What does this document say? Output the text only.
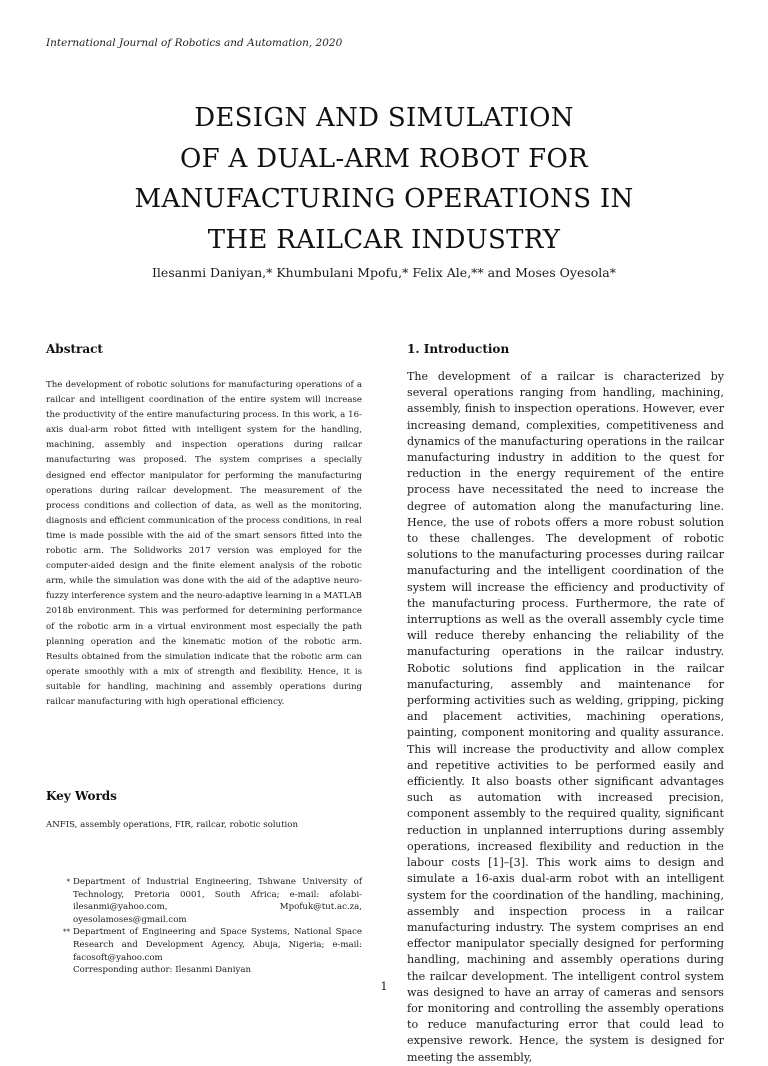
International Journal of Robotics and Automation, 2020
DESIGN AND SIMULATION
OF A DUAL-ARM ROBOT FOR
MANUFACTURING OPERATIONS IN
THE RAILCAR INDUSTRY
Ilesanmi Daniyan,* Khumbulani Mpofu,* Felix Ale,** and Moses Oyesola*
Abstract
The development of robotic solutions for manufacturing operations of a railcar and intelligent coordination of the entire system will increase the productivity of the entire manufacturing process. In this work, a 16-axis dual-arm robot fitted with intelligent system for the handling, machining, assembly and inspection operations during railcar manufacturing was proposed. The system comprises a specially designed end effector manipulator for performing the manufacturing operations during railcar development. The measurement of the process conditions and collection of data, as well as the monitoring, diagnosis and efficient communication of the process conditions, in real time is made possible with the aid of the smart sensors fitted into the robotic arm. The Solidworks 2017 version was employed for the computer-aided design and the finite element analysis of the robotic arm, while the simulation was done with the aid of the adaptive neuro-fuzzy interference system and the neuro-adaptive learning in a MATLAB 2018b environment. This was performed for determining performance of the robotic arm in a virtual environment most especially the path planning operation and the kinematic motion of the robotic arm. Results obtained from the simulation indicate that the robotic arm can operate smoothly with a mix of strength and flexibility. Hence, it is suitable for handling, machining and assembly operations during railcar manufacturing with high operational efficiency.
Key Words
ANFIS, assembly operations, FIR, railcar, robotic solution
* Department of Industrial Engineering, Tshwane University of Technology, Pretoria 0001, South Africa; e-mail: afolabi-ilesanmi@yahoo.com, Mpofuk@tut.ac.za, oyesolamoses@gmail.com
** Department of Engineering and Space Systems, National Space Research and Development Agency, Abuja, Nigeria; e-mail: facosoft@yahoo.com
Corresponding author: Ilesanmi Daniyan
1. Introduction
The development of a railcar is characterized by several operations ranging from handling, machining, assembly, finish to inspection operations. However, ever increasing demand, complexities, competitiveness and dynamics of the manufacturing operations in the railcar manufacturing industry in addition to the quest for reduction in the energy requirement of the entire process have necessitated the need to increase the degree of automation along the manufacturing line. Hence, the use of robots offers a more robust solution to these challenges. The development of robotic solutions to the manufacturing processes during railcar manufacturing and the intelligent coordination of the system will increase the efficiency and productivity of the manufacturing process. Furthermore, the rate of interruptions as well as the overall assembly cycle time will reduce thereby enhancing the reliability of the manufacturing operations in the railcar industry. Robotic solutions find application in the railcar manufacturing, assembly and maintenance for performing activities such as welding, gripping, picking and placement activities, machining operations, painting, component monitoring and quality assurance. This will increase the productivity and allow complex and repetitive activities to be performed easily and efficiently. It also boasts other significant advantages such as automation with increased precision, component assembly to the required quality, significant reduction in unplanned interruptions during assembly operations, increased flexibility and reduction in the labour costs [1]–[3]. This work aims to design and simulate a 16-axis dual-arm robot with an intelligent system for the coordination of the handling, machining, assembly and inspection process in a railcar manufacturing industry. The system comprises an end effector manipulator specially designed for performing handling, machining and assembly operations during the railcar development. The intelligent control system was designed to have an array of cameras and sensors for monitoring and controlling the assembly operations to reduce manufacturing error that could lead to expensive rework. Hence, the system is designed for meeting the assembly,
1
